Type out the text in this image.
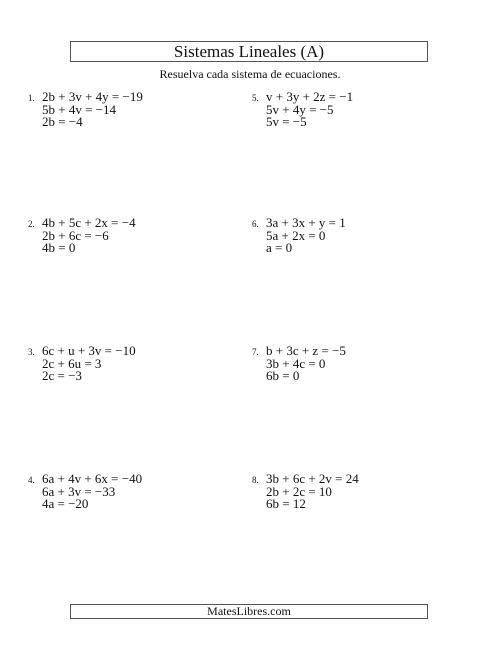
Sistemas Lineales (A)
Resuelva cada sistema de ecuaciones.
1. 2b + 3v + 4y = −19
5b + 4v = −14
2b = −4
2. 4b + 5c + 2x = −4
2b + 6c = −6
4b = 0
3. 6c + u + 3v = −10
2c + 6u = 3
2c = −3
4. 6a + 4v + 6x = −40
6a + 3v = −33
4a = −20
5. v + 3y + 2z = −1
5v + 4y = −5
5v = −5
6. 3a + 3x + y = 1
5a + 2x = 0
a = 0
7. b + 3c + z = −5
3b + 4c = 0
6b = 0
8. 3b + 6c + 2v = 24
2b + 2c = 10
6b = 12
MatesLibres.com
